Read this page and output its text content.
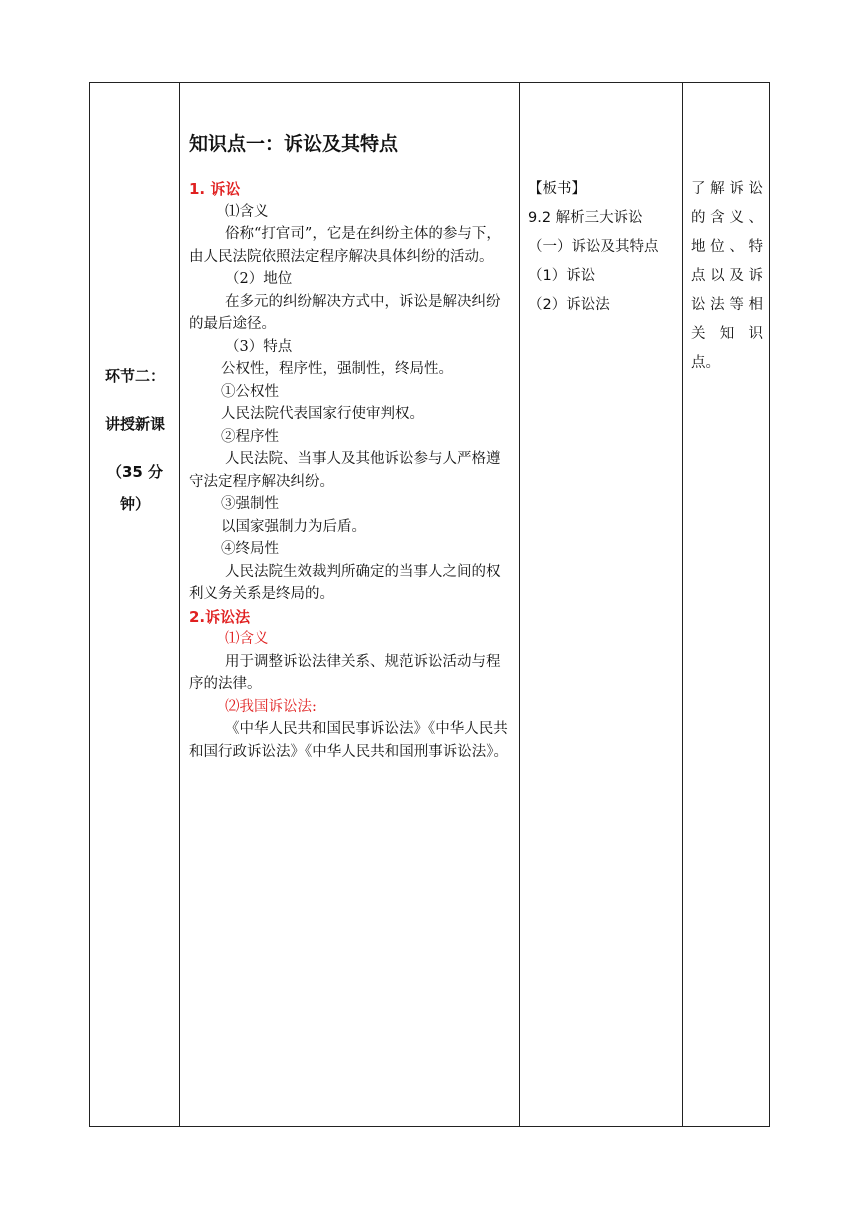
环节二：
讲授新课
（35 分
钟）
知识点一：诉讼及其特点
1. 诉讼
⑴含义
俗称“打官司”，它是在纠纷主体的参与下，由人民法院依照法定程序解决具体纠纷的活动。
（2）地位
在多元的纠纷解决方式中，诉讼是解决纠纷的最后途径。
（3）特点
公权性，程序性，强制性，终局性。
①公权性
人民法院代表国家行使审判权。
②程序性
人民法院、当事人及其他诉讼参与人严格遵守法定程序解决纠纷。
③强制性
以国家强制力为后盾。
④终局性
人民法院生效裁判所确定的当事人之间的权利义务关系是终局的。
2.诉讼法
⑴含义
用于调整诉讼法律关系、规范诉讼活动与程序的法律。
⑵我国诉讼法:
《中华人民共和国民事诉讼法》《中华人民共和国行政诉讼法》《中华人民共和国刑事诉讼法》。
【板书】
9.2 解析三大诉讼
（一）诉讼及其特点
（1）诉讼
（2）诉讼法
了解诉讼的含义、地位、特点以及诉讼法等相关知识点。
